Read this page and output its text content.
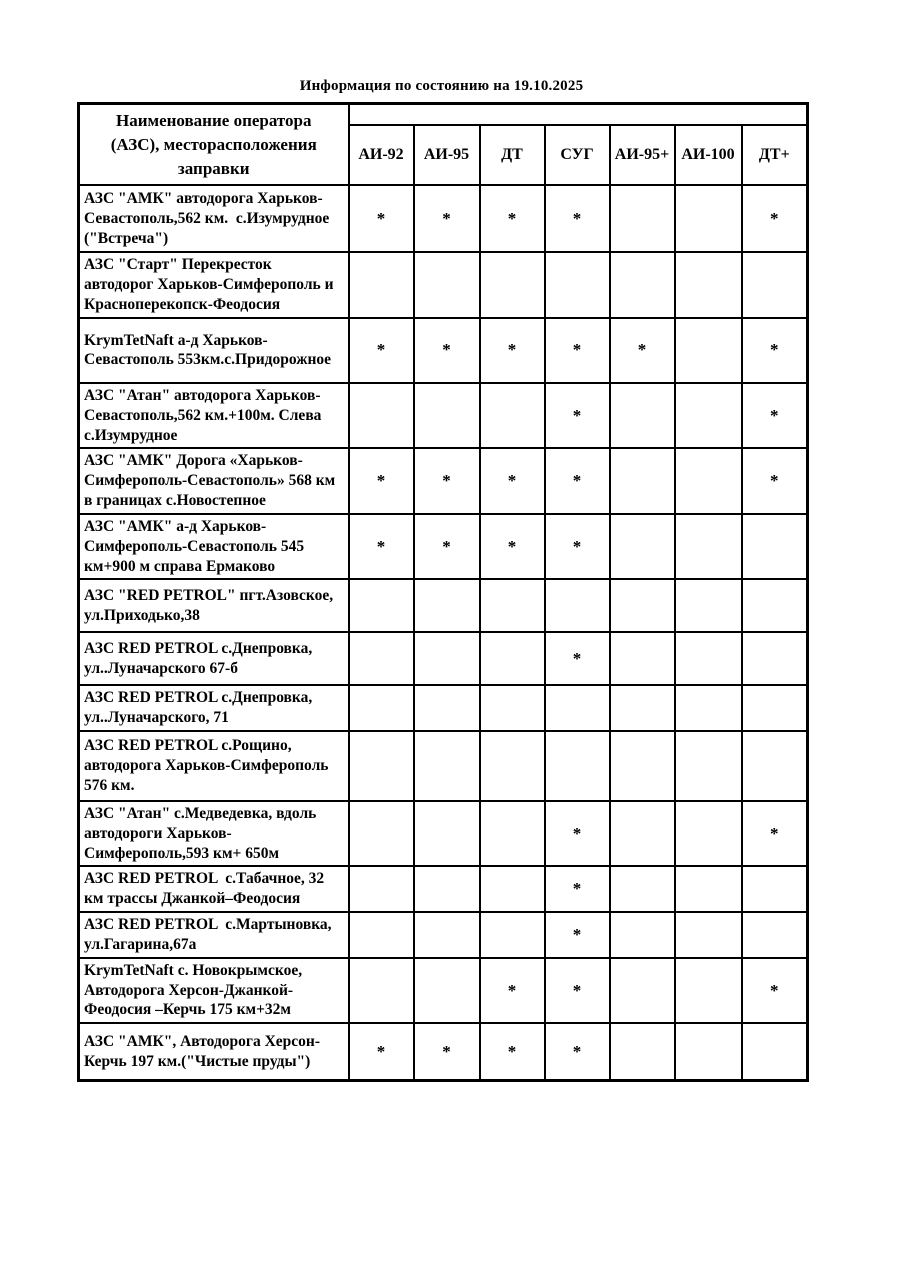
Информация по состоянию на 19.10.2025
Наименование оператора (АЗС), месторасположения заправки							
	АИ-92	АИ-95	ДТ	СУГ	АИ-95+	АИ-100	ДТ+
АЗС "АМК" автодорога Харьков-Севастополь,562 км.  с.Изумрудное ("Встреча")	*	*	*	*			*
АЗС "Старт" Перекресток автодорог Харьков-Симферополь и Красноперекопск-Феодосия							
KrymTetNaft а-д Харьков-Севастополь 553км.с.Придорожное	*	*	*	*	*		*
АЗС "Атан" автодорога Харьков-Севастополь,562 км.+100м. Слева с.Изумрудное				*			*
АЗС "АМК" Дорога «Харьков-Симферополь-Севастополь» 568 км в границах с.Новостепное	*	*	*	*			*
АЗС "АМК" а-д Харьков-Симферополь-Севастополь 545 км+900 м справа Ермаково	*	*	*	*			
АЗС "RED PETROL" пгт.Азовское, ул.Приходько,38							
АЗС RED PETROL с.Днепровка, ул..Луначарского 67-б				*			
АЗС RED PETROL с.Днепровка, ул..Луначарского, 71							
АЗС RED PETROL с.Рощино, автодорога Харьков-Симферополь 576 км.							
АЗС "Атан" с.Медведевка, вдоль автодороги Харьков-Симферополь,593 км+ 650м				*			*
АЗС RED PETROL  с.Табачное, 32 км трассы Джанкой–Феодосия				*			
АЗС RED PETROL  с.Мартыновка, ул.Гагарина,67а				*			
KrymTetNaft с. Новокрымское, Автодорога Херсон-Джанкой-Феодосия –Керчь 175 км+32м			*	*			*
АЗС "АМК", Автодорога Херсон-Керчь 197 км.("Чистые пруды")	*	*	*	*			
